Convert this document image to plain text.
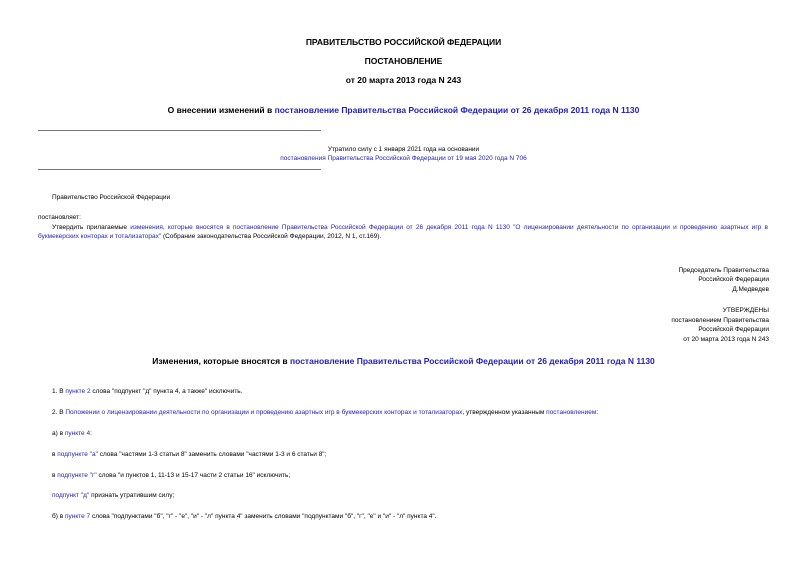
ПРАВИТЕЛЬСТВО РОССИЙСКОЙ ФЕДЕРАЦИИ
ПОСТАНОВЛЕНИЕ
от 20 марта 2013 года N 243
О внесении изменений в постановление Правительства Российской Федерации от 26 декабря 2011 года N 1130
Утратило силу с 1 января 2021 года на основании
постановления Правительства Российской Федерации от 19 мая 2020 года N 706
Правительство Российской Федерации
постановляет:
Утвердить прилагаемые изменения, которые вносятся в постановление Правительства Российской Федерации от 26 декабря 2011 года N 1130 "О лицензировании деятельности по организации и проведению азартных игр в букмекерских конторах и тотализаторах" (Собрание законодательства Российской Федерации, 2012, N 1, ст.169).
Председатель Правительства
Российской Федерации
Д.Медведев
УТВЕРЖДЕНЫ
постановлением Правительства
Российской Федерации
от 20 марта 2013 года N 243
Изменения, которые вносятся в постановление Правительства Российской Федерации от 26 декабря 2011 года N 1130
1. В пункте 2 слова "подпункт "д" пункта 4, а также" исключить.
2. В Положении о лицензировании деятельности по организации и проведению азартных игр в букмекерских конторах и тотализаторах, утвержденном указанным постановлением:
а) в пункте 4:
в подпункте "а" слова "частями 1-3 статьи 8" заменить словами "частями 1-3 и 6 статьи 8";
в подпункте "г" слова "и пунктов 1, 11-13 и 15-17 части 2 статьи 16" исключить;
подпункт "д" признать утратившим силу;
б) в пункте 7 слова "подпунктами "б", "г" - "е", "и" - "л" пункта 4" заменить словами "подпунктами "б", "г", "е" и "и" - "л" пункта 4".
